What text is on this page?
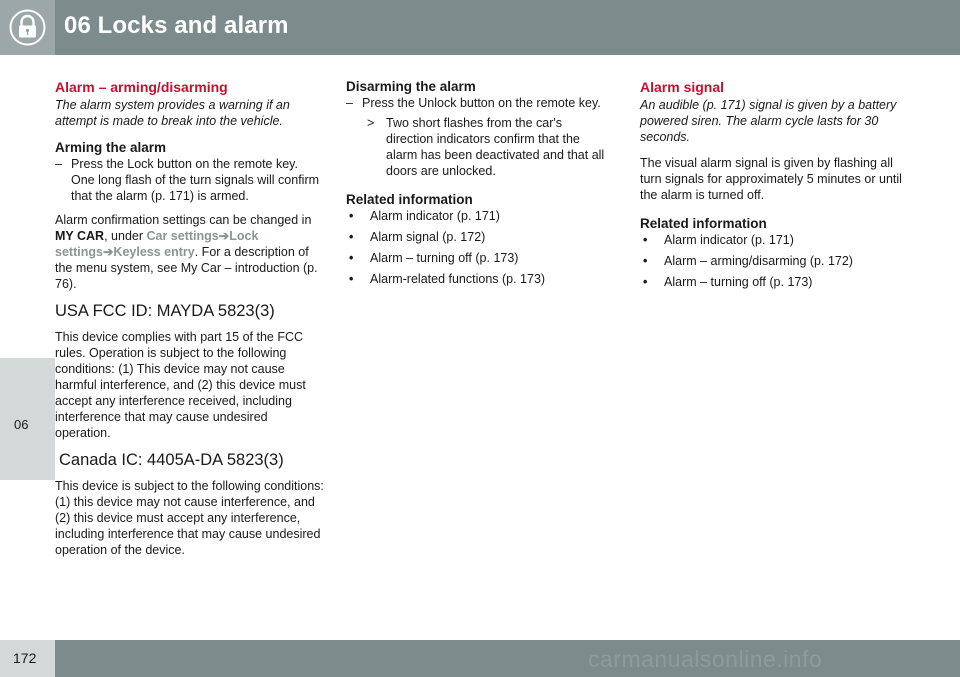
06 Locks and alarm
06
172	carmanualsonline.info
Alarm – arming/disarming
The alarm system provides a warning if an attempt is made to break into the vehicle.
Arming the alarm
– Press the Lock button on the remote key. One long flash of the turn signals will confirm that the alarm (p. 171) is armed.
Alarm confirmation settings can be changed in MY CAR, under Car settings➔Lock settings➔Keyless entry. For a description of the menu system, see My Car – introduction (p. 76).
USA FCC ID: MAYDA 5823(3)
This device complies with part 15 of the FCC rules. Operation is subject to the following conditions: (1) This device may not cause harmful interference, and (2) this device must accept any interference received, including interference that may cause undesired operation.
Canada IC: 4405A-DA 5823(3)
This device is subject to the following conditions: (1) this device may not cause interference, and (2) this device must accept any interference, including interference that may cause undesired operation of the device.
Disarming the alarm
– Press the Unlock button on the remote key.
> Two short flashes from the car's direction indicators confirm that the alarm has been deactivated and that all doors are unlocked.
Related information
• Alarm indicator (p. 171)
• Alarm signal (p. 172)
• Alarm – turning off (p. 173)
• Alarm-related functions (p. 173)
Alarm signal
An audible (p. 171) signal is given by a battery powered siren. The alarm cycle lasts for 30 seconds.
The visual alarm signal is given by flashing all turn signals for approximately 5 minutes or until the alarm is turned off.
Related information
• Alarm indicator (p. 171)
• Alarm – arming/disarming (p. 172)
• Alarm – turning off (p. 173)
